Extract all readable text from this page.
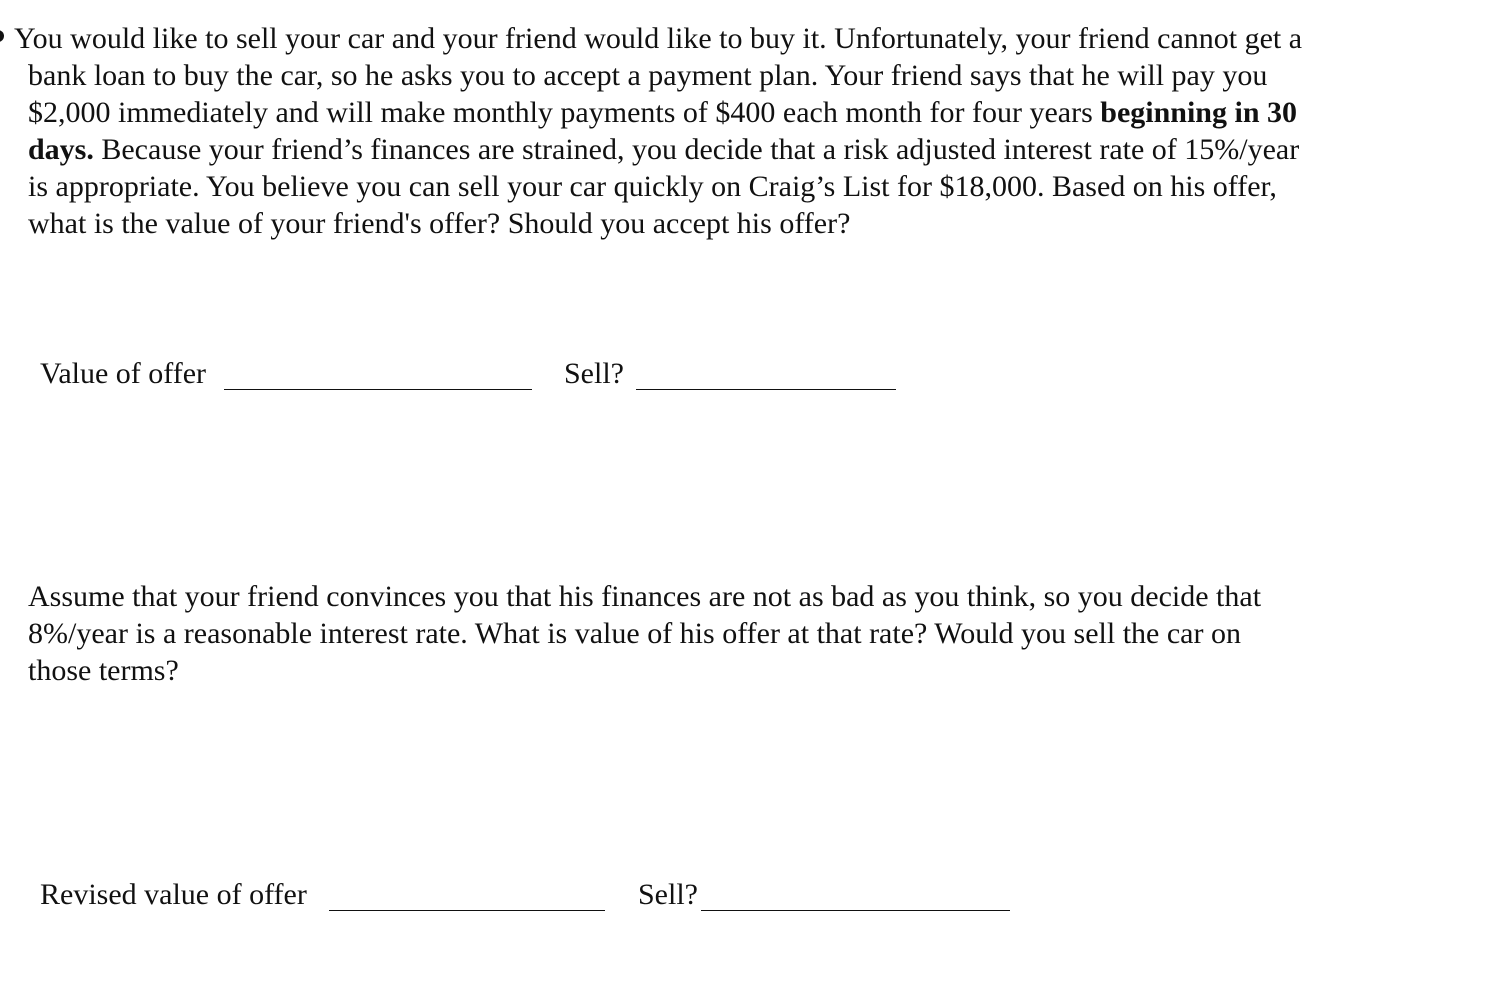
You would like to sell your car and your friend would like to buy it. Unfortunately, your friend cannot get a
bank loan to buy the car, so he asks you to accept a payment plan. Your friend says that he will pay you
$2,000 immediately and will make monthly payments of $400 each month for four years beginning in 30
days. Because your friend’s finances are strained, you decide that a risk adjusted interest rate of 15%/year
is appropriate. You believe you can sell your car quickly on Craig’s List for $18,000. Based on his offer,
what is the value of your friend's offer? Should you accept his offer?
Value of offer	Sell?
Assume that your friend convinces you that his finances are not as bad as you think, so you decide that
8%/year is a reasonable interest rate. What is value of his offer at that rate? Would you sell the car on
those terms?
Revised value of offer	Sell?
